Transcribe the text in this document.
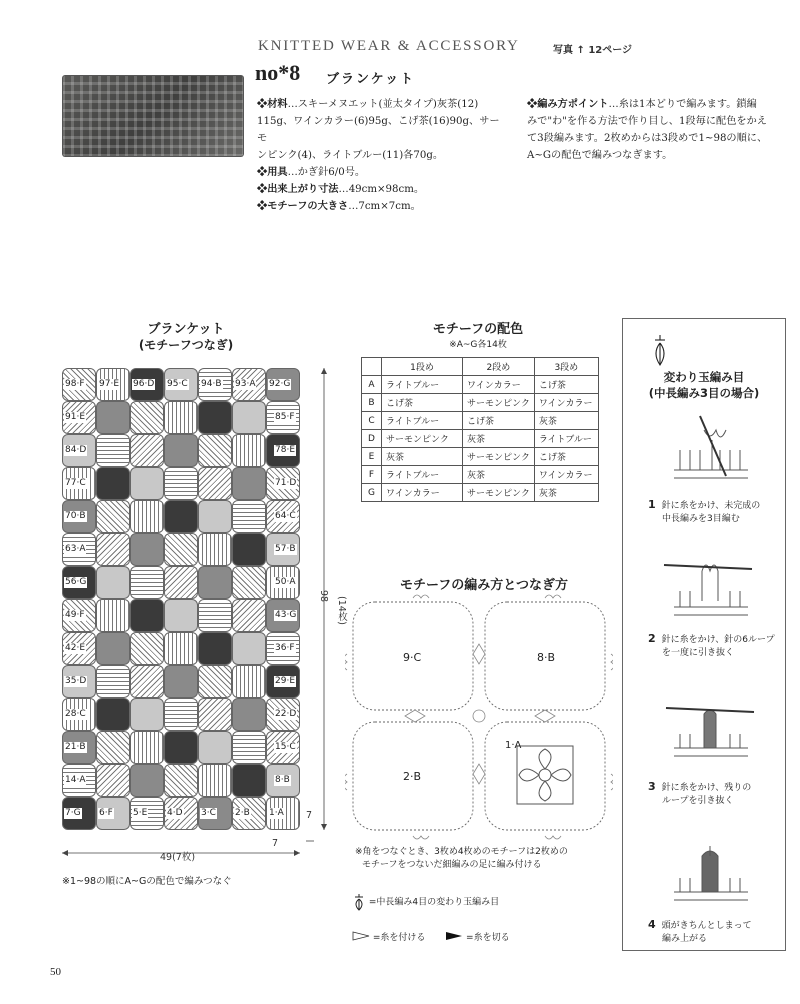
KNITTED WEAR & ACCESSORY	写真 ↑ 12ページ
no*8 ブランケット
❖材料…スキーメヌエット(並太タイプ)灰茶(12)
115g、ワインカラー(6)95g、こげ茶(16)90g、サーモ
ンピンク(4)、ライトブルー(11)各70g。
❖用具…かぎ針6/0号。
❖出来上がり寸法…49cm×98cm。
❖モチーフの大きさ…7cm×7cm。
❖編み方ポイント…糸は1本どりで編みます。鎖編
みで"わ"を作る方法で作り目し、1段毎に配色をかえ
て3段編みます。2枚めからは3段めで1~98の順に、
A~Gの配色で編みつなぎます。
ブランケット
(モチーフつなぎ)
98·F 97·E 96·D 95·C 94·B 93·A 92·G
7·G 6·F 5·E 4·D 3·C 2·B 1·A
91·E	85·F
84·D	78·E
77·C	71·D
70·B	64·C
63·A	57·B
56·G	50·A
49·F	43·G
42·E	36·F
35·D	29·E
28·C	22·D
21·B	15·C
14·A	8·B
49(7枚)
98 (14枚)
7
7
※1~98の順にA~Gの配色で編みつなぐ
モチーフの配色
※A~G各14枚
	1段め	2段め	3段め
A	ライトブルー	ワインカラー	こげ茶
B	こげ茶	サーモンピンク	ワインカラー
C	ライトブルー	こげ茶	灰茶
D	サーモンピンク	灰茶	ライトブルー
E	灰茶	サーモンピンク	こげ茶
F	ライトブルー	灰茶	ワインカラー
G	ワインカラー	サーモンピンク	灰茶
モチーフの編み方とつなぎ方
9·C	8·B
2·B
1·A
※角をつなぐとき、3枚め4枚めのモチーフは2枚めの
モチーフをつないだ細編みの足に編み付ける
=中長編み4目の変わり玉編み目
=糸を付ける	=糸を切る
変わり玉編み目
(中長編み3目の場合)
1 針に糸をかけ、未完成の
中長編みを3目編む
2 針に糸をかけ、針の6ループ
を一度に引き抜く
3 針に糸をかけ、残りの
ループを引き抜く
4 頭がきちんとしまって
編み上がる
50
